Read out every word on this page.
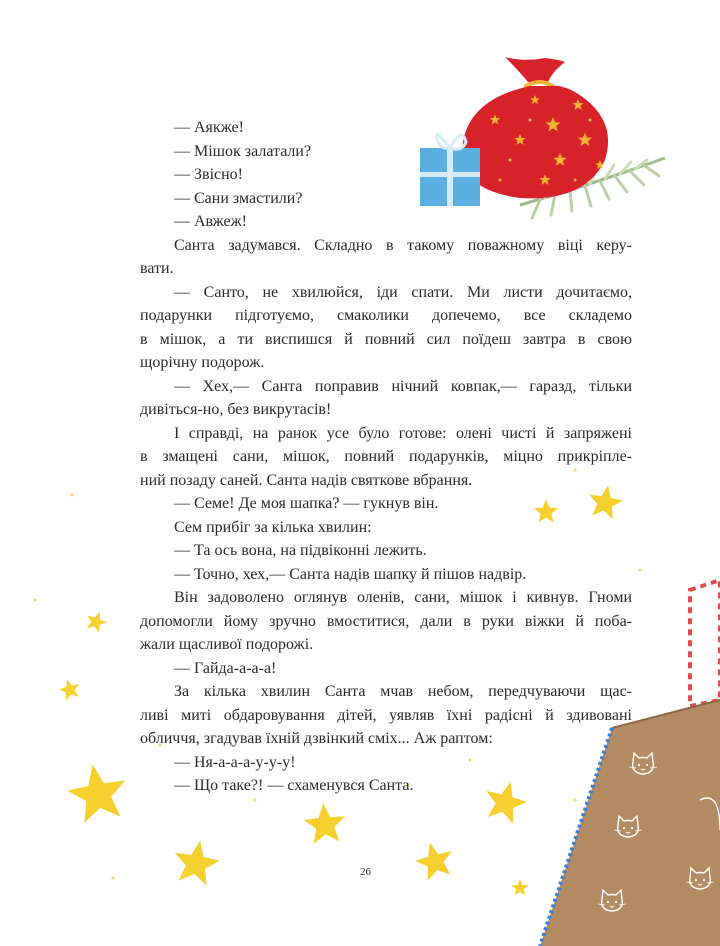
— Аякже!
— Мішок залатали?
— Звісно!
— Сани змастили?
— Авжеж!
Санта задумався. Складно в такому поважному віці керу-
вати.
— Санто, не хвилюйся, іди спати. Ми листи дочитаємо,
подарунки підготуємо, смаколики допечемо, все складемо
в мішок, а ти виспишся й повний сил поїдеш завтра в свою
щорічну подорож.
— Хех,— Санта поправив нічний ковпак,— гаразд, тільки
дивіться-но, без викрутасів!
І справді, на ранок усе було готове: олені чисті й запряжені
в змащені сани, мішок, повний подарунків, міцно прикріпле-
ний позаду саней. Санта надів святкове вбрання.
— Семе! Де моя шапка? — гукнув він.
Сем прибіг за кілька хвилин:
— Та ось вона, на підвіконні лежить.
— Точно, хех,— Санта надів шапку й пішов надвір.
Він задоволено оглянув оленів, сани, мішок і кивнув. Гноми
допомогли йому зручно вмоститися, дали в руки віжки й поба-
жали щасливої подорожі.
— Гайда-а-а-а!
За кілька хвилин Санта мчав небом, передчуваючи щас-
ливі миті обдаровування дітей, уявляв їхні радісні й здивовані
обличчя, згадував їхній дзвінкий сміх... Аж раптом:
— Ня-а-а-а-у-у-у!
— Що таке?! — схаменувся Санта.
26
